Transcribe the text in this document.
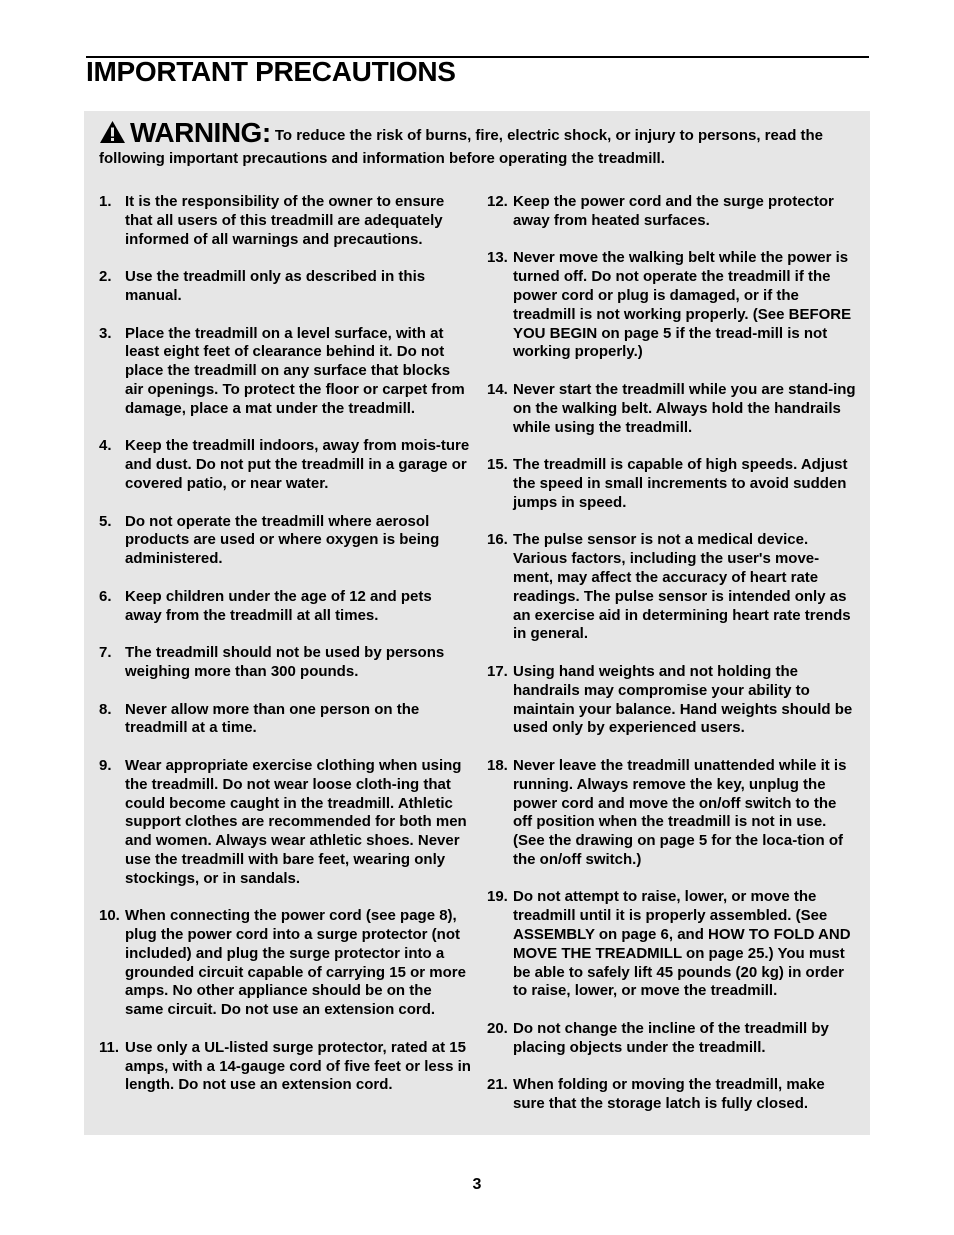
IMPORTANT PRECAUTIONS
WARNING: To reduce the risk of burns, fire, electric shock, or injury to persons, read the following important precautions and information before operating the treadmill.
1. It is the responsibility of the owner to ensure that all users of this treadmill are adequately informed of all warnings and precautions.
2. Use the treadmill only as described in this manual.
3. Place the treadmill on a level surface, with at least eight feet of clearance behind it. Do not place the treadmill on any surface that blocks air openings. To protect the floor or carpet from damage, place a mat under the treadmill.
4. Keep the treadmill indoors, away from mois-ture and dust. Do not put the treadmill in a garage or covered patio, or near water.
5. Do not operate the treadmill where aerosol products are used or where oxygen is being administered.
6. Keep children under the age of 12 and pets away from the treadmill at all times.
7. The treadmill should not be used by persons weighing more than 300 pounds.
8. Never allow more than one person on the treadmill at a time.
9. Wear appropriate exercise clothing when using the treadmill. Do not wear loose cloth-ing that could become caught in the treadmill. Athletic support clothes are recommended for both men and women. Always wear athletic shoes. Never use the treadmill with bare feet, wearing only stockings, or in sandals.
10. When connecting the power cord (see page 8), plug the power cord into a surge protector (not included) and plug the surge protector into a grounded circuit capable of carrying 15 or more amps. No other appliance should be on the same circuit. Do not use an extension cord.
11. Use only a UL-listed surge protector, rated at 15 amps, with a 14-gauge cord of five feet or less in length. Do not use an extension cord.
12. Keep the power cord and the surge protector away from heated surfaces.
13. Never move the walking belt while the power is turned off. Do not operate the treadmill if the power cord or plug is damaged, or if the treadmill is not working properly. (See BEFORE YOU BEGIN on page 5 if the tread-mill is not working properly.)
14. Never start the treadmill while you are stand-ing on the walking belt. Always hold the handrails while using the treadmill.
15. The treadmill is capable of high speeds. Adjust the speed in small increments to avoid sudden jumps in speed.
16. The pulse sensor is not a medical device. Various factors, including the user's move-ment, may affect the accuracy of heart rate readings. The pulse sensor is intended only as an exercise aid in determining heart rate trends in general.
17. Using hand weights and not holding the handrails may compromise your ability to maintain your balance. Hand weights should be used only by experienced users.
18. Never leave the treadmill unattended while it is running. Always remove the key, unplug the power cord and move the on/off switch to the off position when the treadmill is not in use. (See the drawing on page 5 for the loca-tion of the on/off switch.)
19. Do not attempt to raise, lower, or move the treadmill until it is properly assembled. (See ASSEMBLY on page 6, and HOW TO FOLD AND MOVE THE TREADMILL on page 25.) You must be able to safely lift 45 pounds (20 kg) in order to raise, lower, or move the treadmill.
20. Do not change the incline of the treadmill by placing objects under the treadmill.
21. When folding or moving the treadmill, make sure that the storage latch is fully closed.
3
